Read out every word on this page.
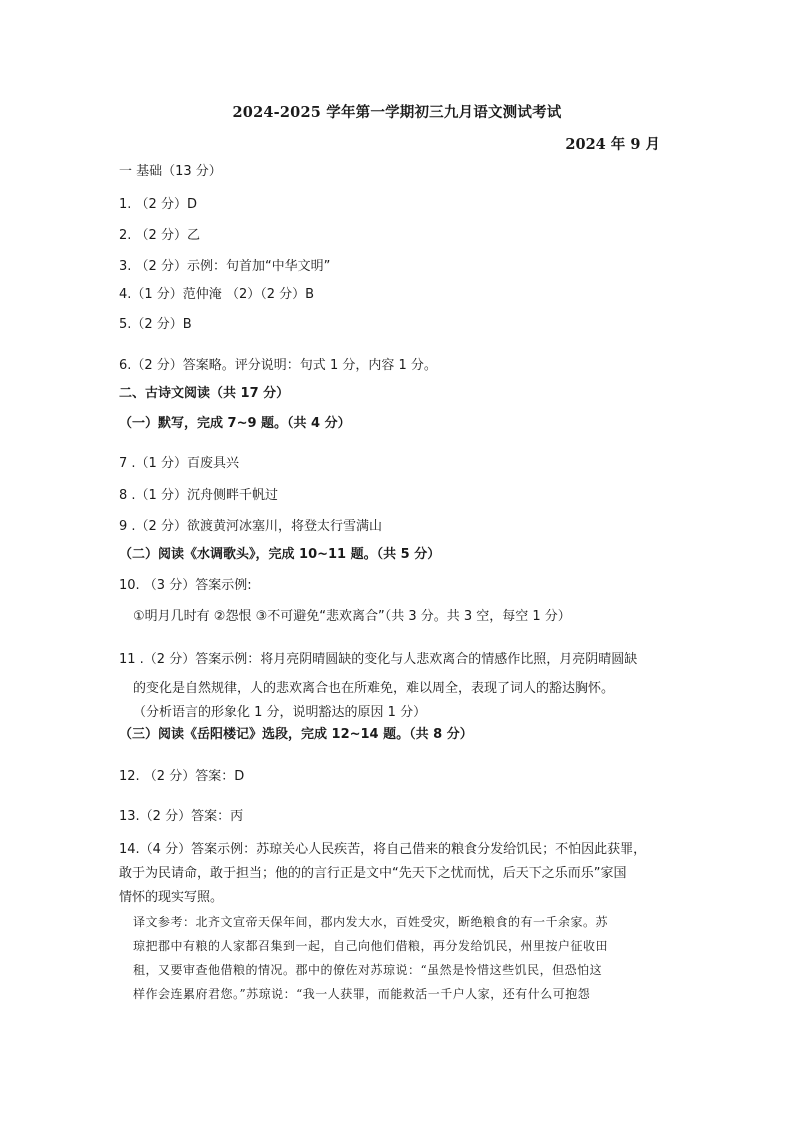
2024-2025 学年第一学期初三九月语文测试考试
2024 年 9 月
一 基础（13 分）
1. （2 分）D
2. （2 分）乙
3. （2 分）示例：句首加“中华文明”
4.（1 分）范仲淹 （2）（2 分）B
5.（2 分）B
6.（2 分）答案略。评分说明：句式 1 分，内容 1 分。
二、古诗文阅读（共 17 分）
（一）默写，完成 7~9 题。（共 4 分）
7 .（1 分）百废具兴
8 .（1 分）沉舟侧畔千帆过
9 .（2 分）欲渡黄河冰塞川，将登太行雪满山
（二）阅读《水调歌头》，完成 10~11 题。（共 5 分）
10. （3 分）答案示例:
①明月几时有 ②怨恨 ③不可避免“悲欢离合”（共 3 分。共 3 空，每空 1 分）
11 .（2 分）答案示例：将月亮阴晴圆缺的变化与人悲欢离合的情感作比照，月亮阴晴圆缺
的变化是自然规律，人的悲欢离合也在所难免，难以周全，表现了词人的豁达胸怀。
（分析语言的形象化 1 分，说明豁达的原因 1 分）
（三）阅读《岳阳楼记》选段，完成 12~14 题。（共 8 分）
12. （2 分）答案：D
13.（2 分）答案：丙
14.（4 分）答案示例：苏琼关心人民疾苦，将自己借来的粮食分发给饥民；不怕因此获罪，
敢于为民请命，敢于担当；他的的言行正是文中“先天下之忧而忧，后天下之乐而乐”家国
情怀的现实写照。
译文参考：北齐文宣帝天保年间，郡内发大水，百姓受灾，断绝粮食的有一千余家。苏
琼把郡中有粮的人家都召集到一起，自己向他们借粮，再分发给饥民，州里按户征收田
租，又要审查他借粮的情况。郡中的僚佐对苏琼说：“虽然是怜惜这些饥民，但恐怕这
样作会连累府君您。”苏琼说：“我一人获罪，而能救活一千户人家，还有什么可抱怨
